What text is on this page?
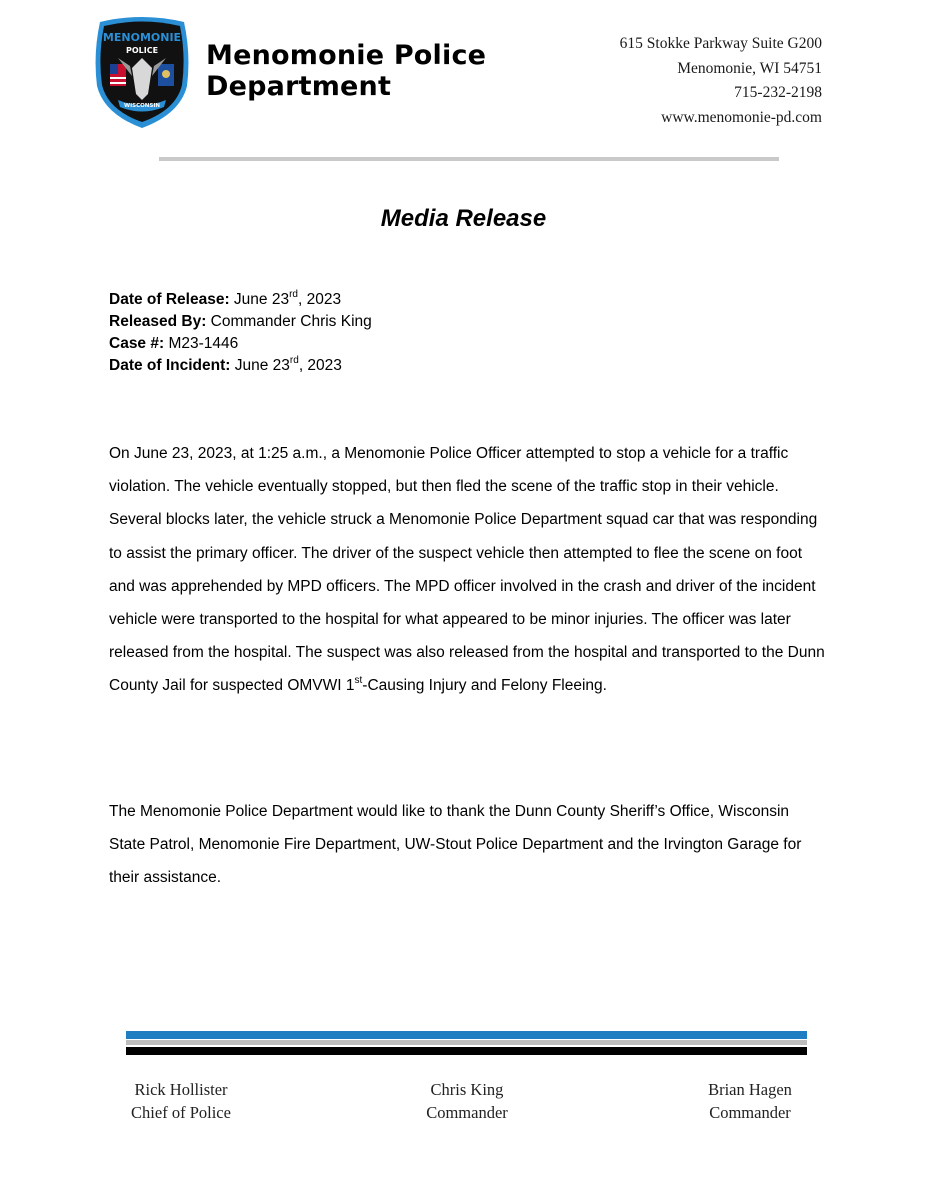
MENOMONIE
POLICE
WISCONSIN
Menomonie Police
Department
615 Stokke Parkway Suite G200
Menomonie, WI 54751
715-232-2198
www.menomonie-pd.com
Media Release
Date of Release: June 23rd, 2023
Released By: Commander Chris King
Case #: M23-1446
Date of Incident: June 23rd, 2023

On June 23, 2023, at 1:25 a.m., a Menomonie Police Officer attempted to stop a vehicle for a traffic violation. The vehicle eventually stopped, but then fled the scene of the traffic stop in their vehicle. Several blocks later, the vehicle struck a Menomonie Police Department squad car that was responding to assist the primary officer. The driver of the suspect vehicle then attempted to flee the scene on foot and was apprehended by MPD officers. The MPD officer involved in the crash and driver of the incident vehicle were transported to the hospital for what appeared to be minor injuries. The officer was later released from the hospital. The suspect was also released from the hospital and transported to the Dunn County Jail for suspected OMVWI 1st-Causing Injury and Felony Fleeing.

The Menomonie Police Department would like to thank the Dunn County Sheriff’s Office, Wisconsin State Patrol, Menomonie Fire Department, UW-Stout Police Department and the Irvington Garage for their assistance.

Rick Hollister
Chief of Police
Chris King
Commander
Brian Hagen
Commander
